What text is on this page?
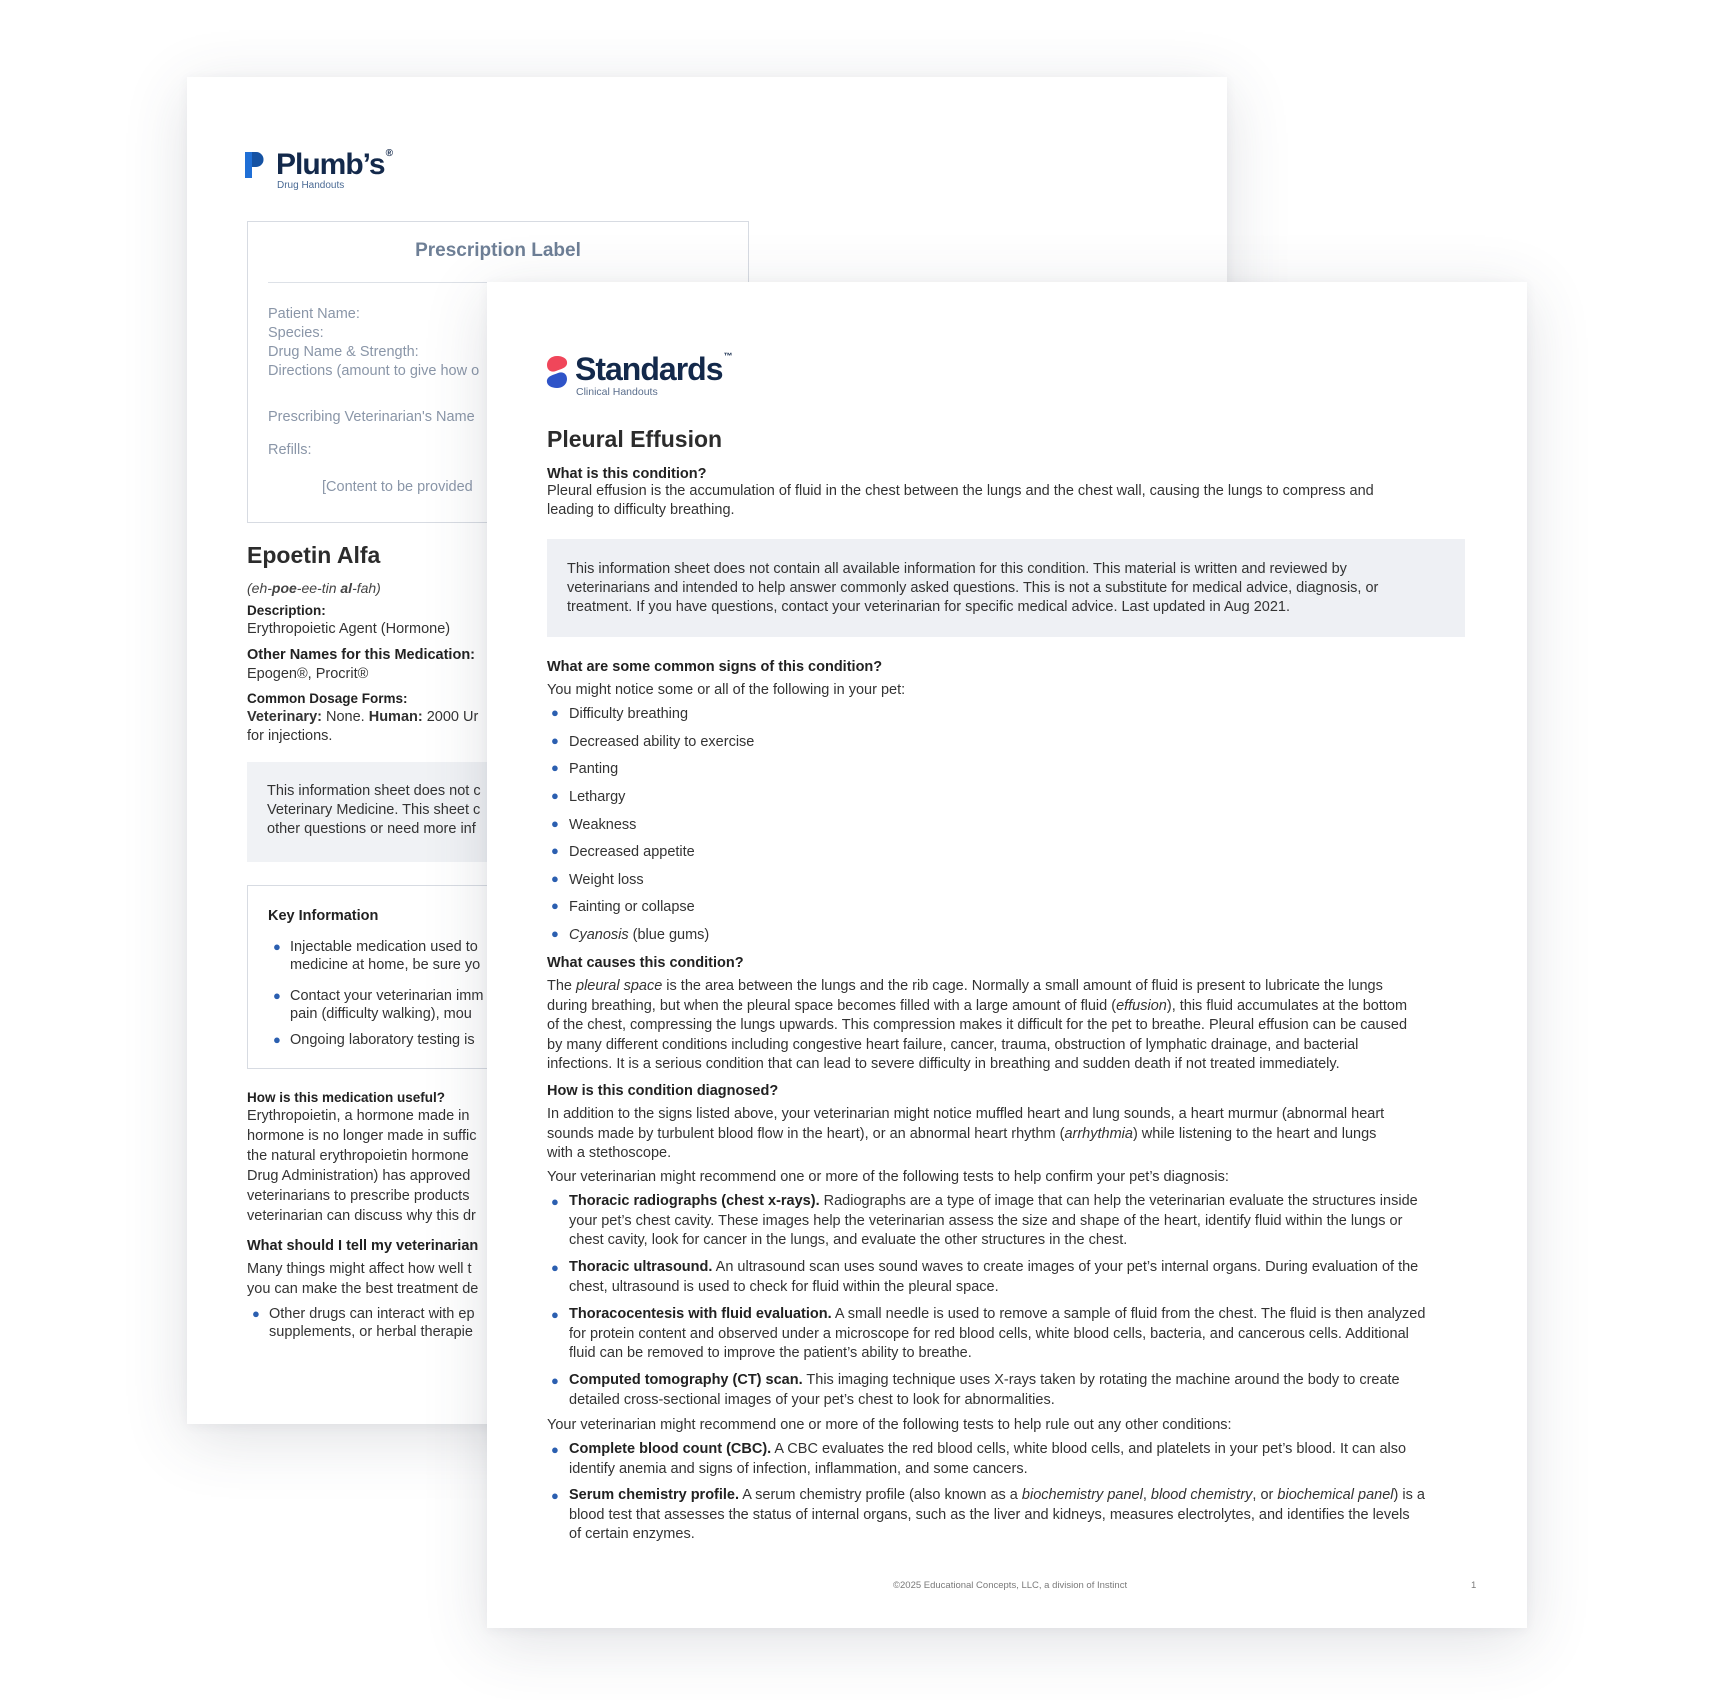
Plumb’s®
Drug Handouts
Prescription Label
Patient Name:
Species:
Drug Name & Strength:
Directions (amount to give how o
Prescribing Veterinarian's Name
Refills:
[Content to be provided
Epoetin Alfa
(eh-poe-ee-tin al-fah)
Description:
Erythropoietic Agent (Hormone)
Other Names for this Medication:
Epogen®, Procrit®
Common Dosage Forms:
Veterinary: None. Human: 2000 Ur
for injections.
This information sheet does not c
Veterinary Medicine. This sheet c
other questions or need more inf
Key Information
● Injectable medication used to
medicine at home, be sure yo
● Contact your veterinarian imm
pain (difficulty walking), mou
● Ongoing laboratory testing is
How is this medication useful?
Erythropoietin, a hormone made in
hormone is no longer made in suffic
the natural erythropoietin hormone
Drug Administration) has approved
veterinarians to prescribe products
veterinarian can discuss why this dr
What should I tell my veterinarian
Many things might affect how well t
you can make the best treatment de
● Other drugs can interact with ep
supplements, or herbal therapie
Standards™
Clinical Handouts
Pleural Effusion
What is this condition?
Pleural effusion is the accumulation of fluid in the chest between the lungs and the chest wall, causing the lungs to compress and
leading to difficulty breathing.
This information sheet does not contain all available information for this condition. This material is written and reviewed by
veterinarians and intended to help answer commonly asked questions. This is not a substitute for medical advice, diagnosis, or
treatment. If you have questions, contact your veterinarian for specific medical advice. Last updated in Aug 2021.
What are some common signs of this condition?
You might notice some or all of the following in your pet:
● Difficulty breathing
● Decreased ability to exercise
● Panting
● Lethargy
● Weakness
● Decreased appetite
● Weight loss
● Fainting or collapse
● Cyanosis (blue gums)
What causes this condition?
The pleural space is the area between the lungs and the rib cage. Normally a small amount of fluid is present to lubricate the lungs
during breathing, but when the pleural space becomes filled with a large amount of fluid (effusion), this fluid accumulates at the bottom
of the chest, compressing the lungs upwards. This compression makes it difficult for the pet to breathe. Pleural effusion can be caused
by many different conditions including congestive heart failure, cancer, trauma, obstruction of lymphatic drainage, and bacterial
infections. It is a serious condition that can lead to severe difficulty in breathing and sudden death if not treated immediately.
How is this condition diagnosed?
In addition to the signs listed above, your veterinarian might notice muffled heart and lung sounds, a heart murmur (abnormal heart
sounds made by turbulent blood flow in the heart), or an abnormal heart rhythm (arrhythmia) while listening to the heart and lungs
with a stethoscope.
Your veterinarian might recommend one or more of the following tests to help confirm your pet’s diagnosis:
● Thoracic radiographs (chest x-rays). Radiographs are a type of image that can help the veterinarian evaluate the structures inside
your pet’s chest cavity. These images help the veterinarian assess the size and shape of the heart, identify fluid within the lungs or
chest cavity, look for cancer in the lungs, and evaluate the other structures in the chest.
● Thoracic ultrasound. An ultrasound scan uses sound waves to create images of your pet’s internal organs. During evaluation of the
chest, ultrasound is used to check for fluid within the pleural space.
● Thoracocentesis with fluid evaluation. A small needle is used to remove a sample of fluid from the chest. The fluid is then analyzed
for protein content and observed under a microscope for red blood cells, white blood cells, bacteria, and cancerous cells. Additional
fluid can be removed to improve the patient’s ability to breathe.
● Computed tomography (CT) scan. This imaging technique uses X-rays taken by rotating the machine around the body to create
detailed cross-sectional images of your pet’s chest to look for abnormalities.
Your veterinarian might recommend one or more of the following tests to help rule out any other conditions:
● Complete blood count (CBC). A CBC evaluates the red blood cells, white blood cells, and platelets in your pet’s blood. It can also
identify anemia and signs of infection, inflammation, and some cancers.
● Serum chemistry profile. A serum chemistry profile (also known as a biochemistry panel, blood chemistry, or biochemical panel) is a
blood test that assesses the status of internal organs, such as the liver and kidneys, measures electrolytes, and identifies the levels
of certain enzymes.
©2025 Educational Concepts, LLC, a division of Instinct	1
